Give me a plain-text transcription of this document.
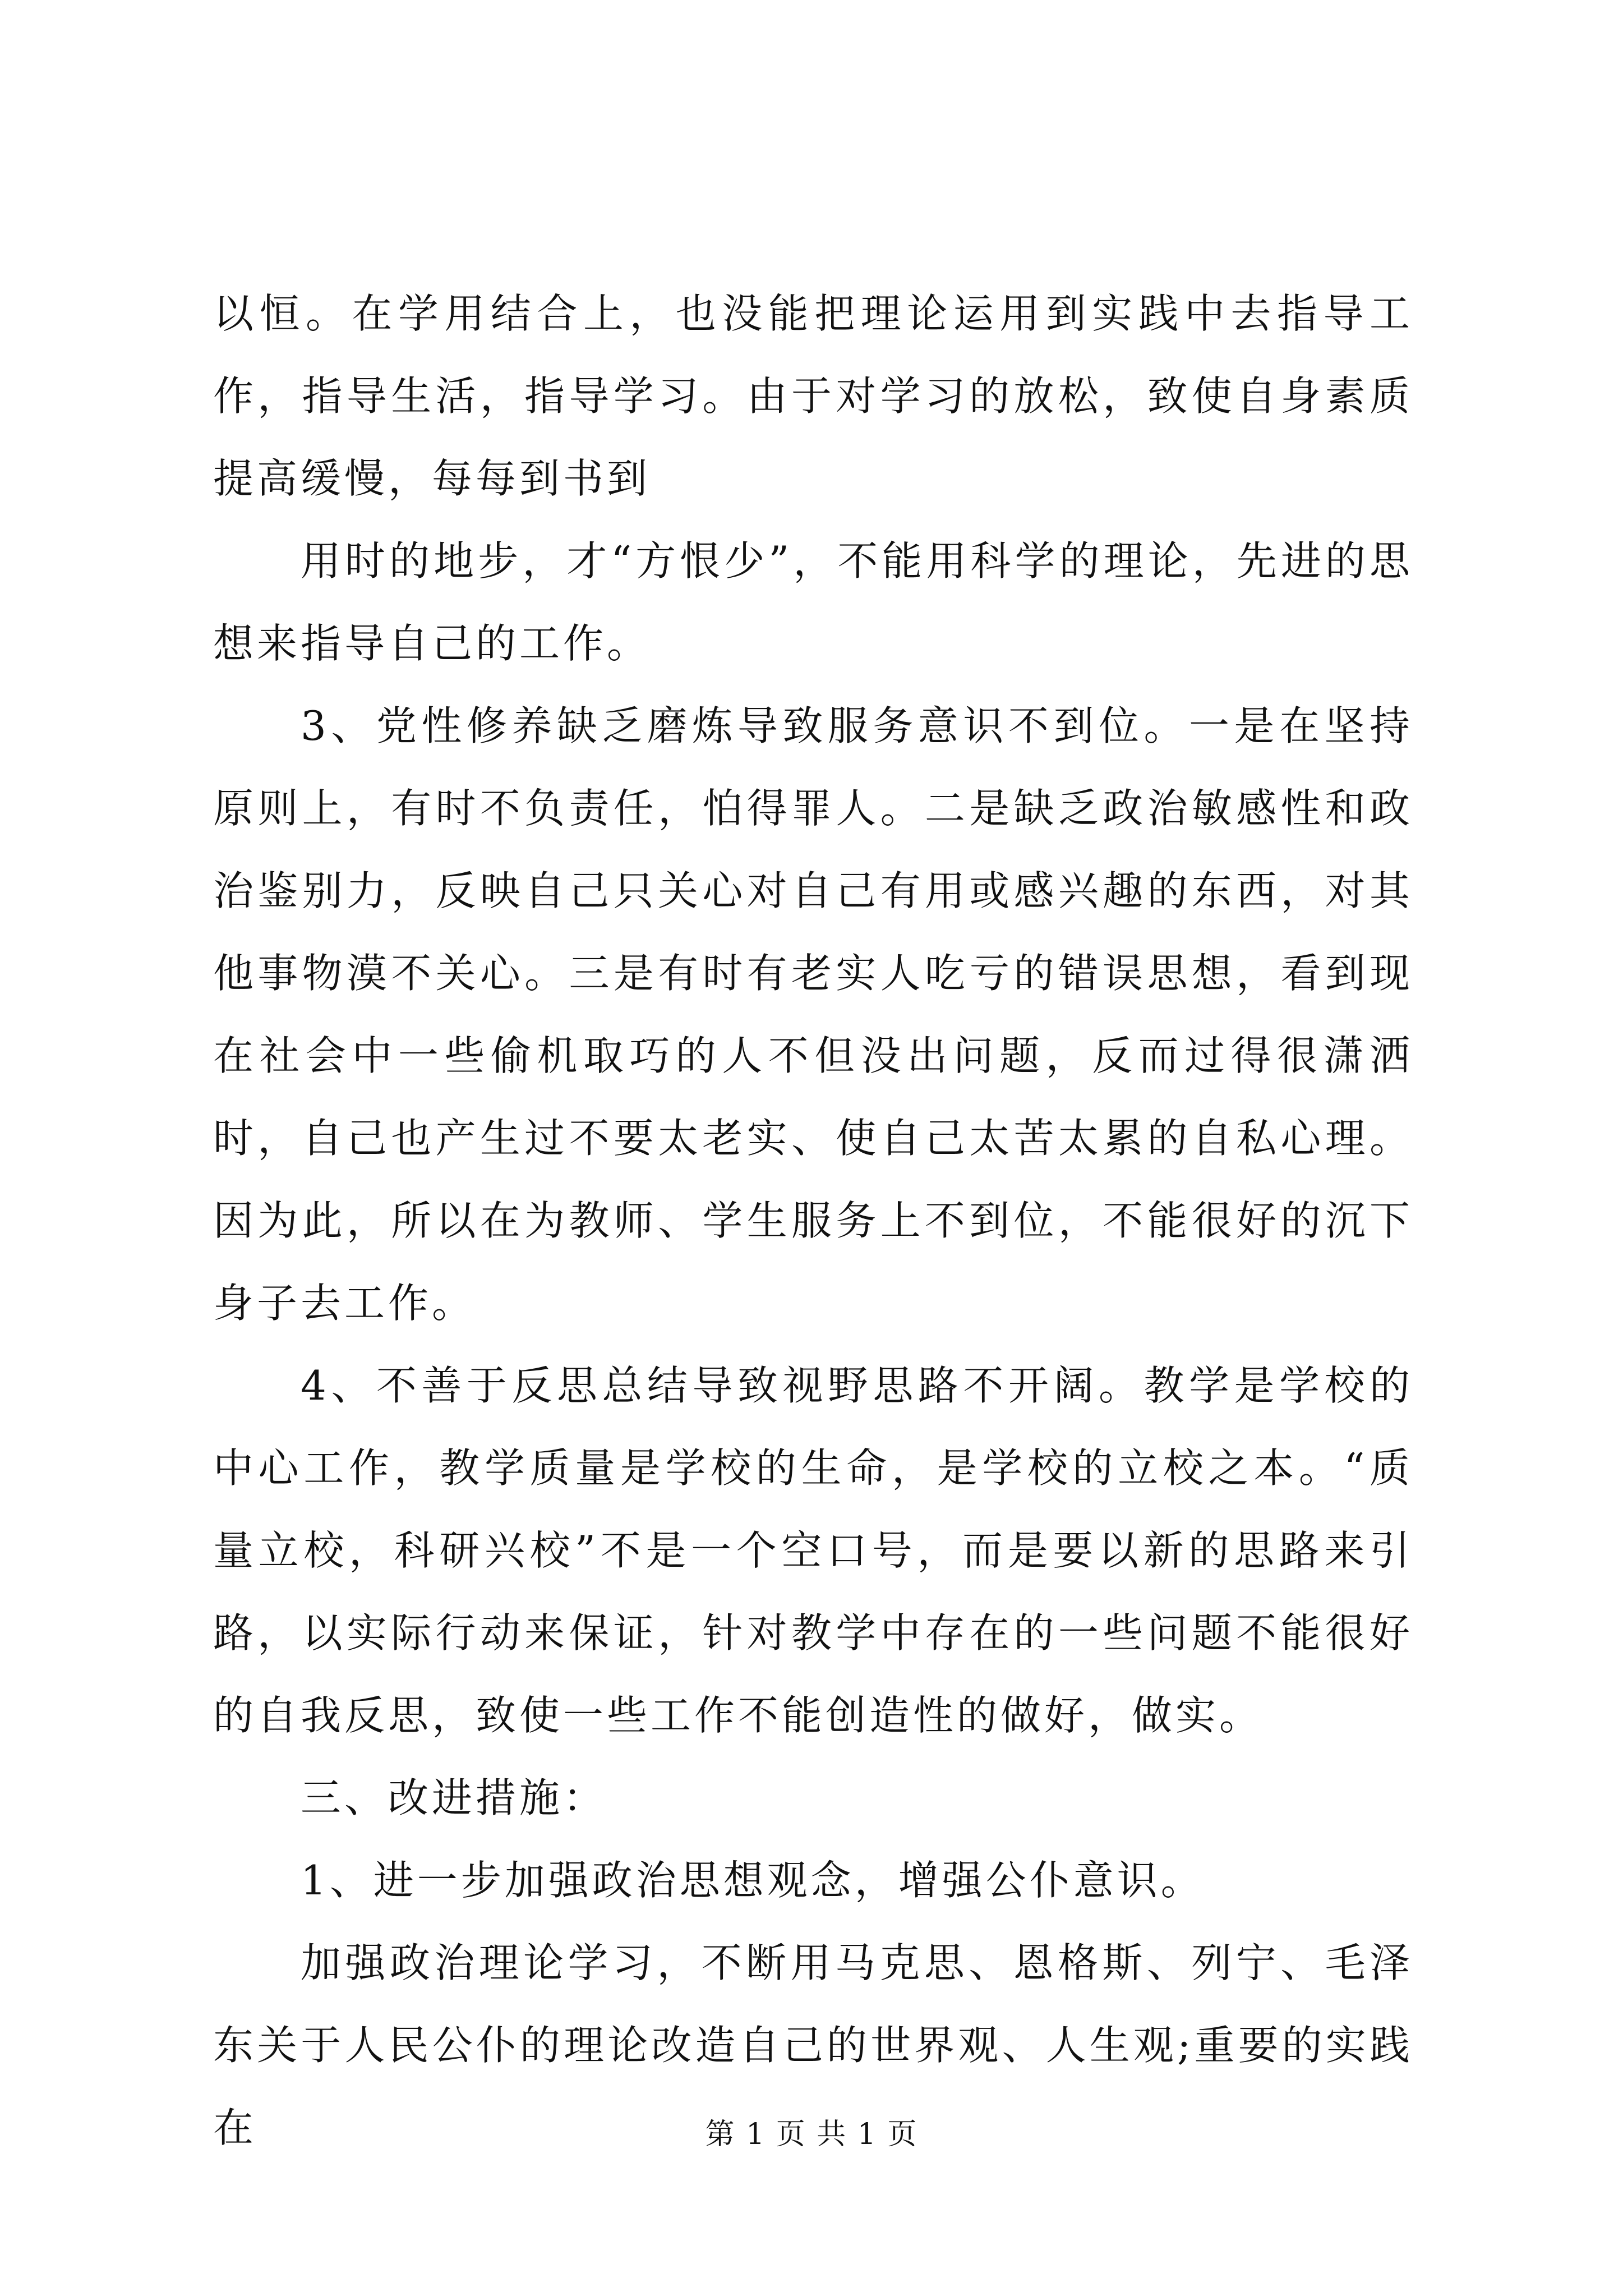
以恒。在学用结合上，也没能把理论运用到实践中去指导工作，指导生活，指导学习。由于对学习的放松，致使自身素质提高缓慢，每每到书到

用时的地步，才“方恨少”，不能用科学的理论，先进的思想来指导自己的工作。

3、党性修养缺乏磨炼导致服务意识不到位。一是在坚持原则上，有时不负责任，怕得罪人。二是缺乏政治敏感性和政治鉴别力，反映自己只关心对自己有用或感兴趣的东西，对其他事物漠不关心。三是有时有老实人吃亏的错误思想，看到现在社会中一些偷机取巧的人不但没出问题，反而过得很潇洒时，自己也产生过不要太老实、使自己太苦太累的自私心理。因为此，所以在为教师、学生服务上不到位，不能很好的沉下身子去工作。

4、不善于反思总结导致视野思路不开阔。教学是学校的中心工作，教学质量是学校的生命，是学校的立校之本。“质量立校，科研兴校”不是一个空口号，而是要以新的思路来引路，以实际行动来保证，针对教学中存在的一些问题不能很好的自我反思，致使一些工作不能创造性的做好，做实。

三、改进措施：

1、进一步加强政治思想观念，增强公仆意识。

加强政治理论学习，不断用马克思、恩格斯、列宁、毛泽东关于人民公仆的理论改造自己的世界观、人生观;重要的实践在	第 1 页 共 1 页
